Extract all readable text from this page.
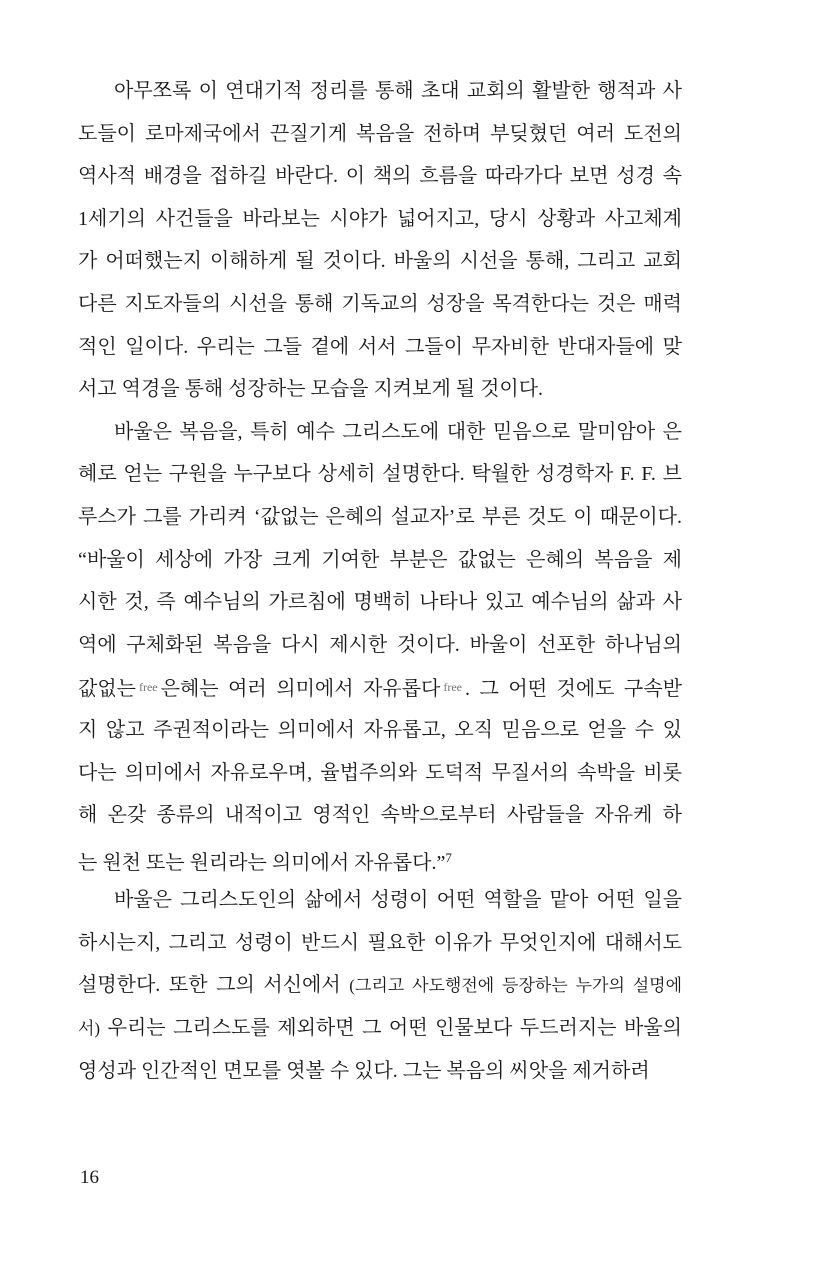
아무쪼록 이 연대기적 정리를 통해 초대 교회의 활발한 행적과 사
도들이 로마제국에서 끈질기게 복음을 전하며 부딪혔던 여러 도전의
역사적 배경을 접하길 바란다. 이 책의 흐름을 따라가다 보면 성경 속
1세기의 사건들을 바라보는 시야가 넓어지고, 당시 상황과 사고체계
가 어떠했는지 이해하게 될 것이다. 바울의 시선을 통해, 그리고 교회
다른 지도자들의 시선을 통해 기독교의 성장을 목격한다는 것은 매력
적인 일이다. 우리는 그들 곁에 서서 그들이 무자비한 반대자들에 맞
서고 역경을 통해 성장하는 모습을 지켜보게 될 것이다.
바울은 복음을, 특히 예수 그리스도에 대한 믿음으로 말미암아 은
혜로 얻는 구원을 누구보다 상세히 설명한다. 탁월한 성경학자 F. F. 브
루스가 그를 가리켜 ‘값없는 은혜의 설교자’로 부른 것도 이 때문이다.
“바울이 세상에 가장 크게 기여한 부분은 값없는 은혜의 복음을 제
시한 것, 즉 예수님의 가르침에 명백히 나타나 있고 예수님의 삶과 사
역에 구체화된 복음을 다시 제시한 것이다. 바울이 선포한 하나님의
값없는 $^{free}$ 은혜는 여러 의미에서 자유롭다 $^{free}$ . 그 어떤 것에도 구속받
지 않고 주권적이라는 의미에서 자유롭고, 오직 믿음으로 얻을 수 있
다는 의미에서 자유로우며, 율법주의와 도덕적 무질서의 속박을 비롯
해 온갖 종류의 내적이고 영적인 속박으로부터 사람들을 자유케 하
는 원천 또는 원리라는 의미에서 자유롭다.”$^7$
바울은 그리스도인의 삶에서 성령이 어떤 역할을 맡아 어떤 일을
하시는지, 그리고 성령이 반드시 필요한 이유가 무엇인지에 대해서도
설명한다. 또한 그의 서신에서 (그리고 사도행전에 등장하는 누가의 설명에
서) 우리는 그리스도를 제외하면 그 어떤 인물보다 두드러지는 바울의
영성과 인간적인 면모를 엿볼 수 있다. 그는 복음의 씨앗을 제거하려
16
